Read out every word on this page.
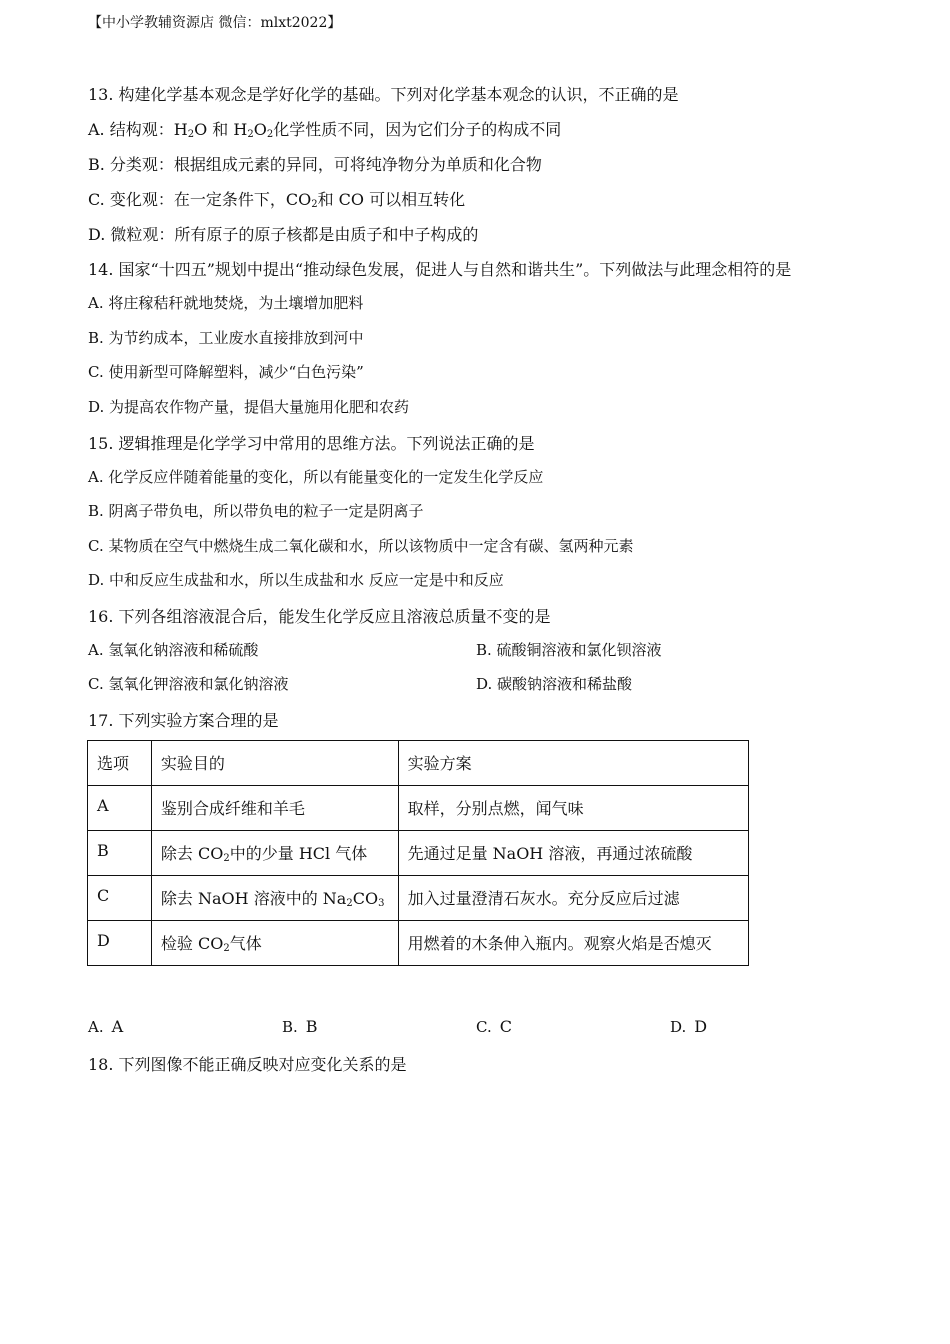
【中小学教辅资源店 微信：mlxt2022】
13. 构建化学基本观念是学好化学的基础。下列对化学基本观念的认识，不正确的是
A. 结构观：$H_2O$ 和 $H_2O_2$化学性质不同，因为它们分子的构成不同
B. 分类观：根据组成元素的异同，可将纯净物分为单质和化合物
C. 变化观：在一定条件下，$CO_2$和 CO 可以相互转化
D. 微粒观：所有原子的原子核都是由质子和中子构成的
14. 国家“十四五”规划中提出“推动绿色发展，促进人与自然和谐共生”。下列做法与此理念相符的是
A. 将庄稼秸秆就地焚烧，为土壤增加肥料
B. 为节约成本，工业废水直接排放到河中
C. 使用新型可降解塑料，减少“白色污染”
D. 为提高农作物产量，提倡大量施用化肥和农药
15. 逻辑推理是化学学习中常用的思维方法。下列说法正确的是
A. 化学反应伴随着能量的变化，所以有能量变化的一定发生化学反应
B. 阴离子带负电，所以带负电的粒子一定是阴离子
C. 某物质在空气中燃烧生成二氧化碳和水，所以该物质中一定含有碳、氢两种元素
D. 中和反应生成盐和水，所以生成盐和水 反应一定是中和反应
16. 下列各组溶液混合后，能发生化学反应且溶液总质量不变的是
A. 氢氧化钠溶液和稀硫酸	B. 硫酸铜溶液和氯化钡溶液
C. 氢氧化钾溶液和氯化钠溶液	D. 碳酸钠溶液和稀盐酸
17. 下列实验方案合理的是
选项	实验目的	实验方案
A	鉴别合成纤维和羊毛	取样，分别点燃，闻气味
B	除去 $CO_2$中的少量 HCl 气体	先通过足量 NaOH 溶液，再通过浓硫酸
C	除去 NaOH 溶液中的 $Na_2CO_3$	加入过量澄清石灰水。充分反应后过滤
D	检验 $CO_2$气体	用燃着的木条伸入瓶内。观察火焰是否熄灭
A. A	B. B	C. C	D. D
18. 下列图像不能正确反映对应变化关系的是
